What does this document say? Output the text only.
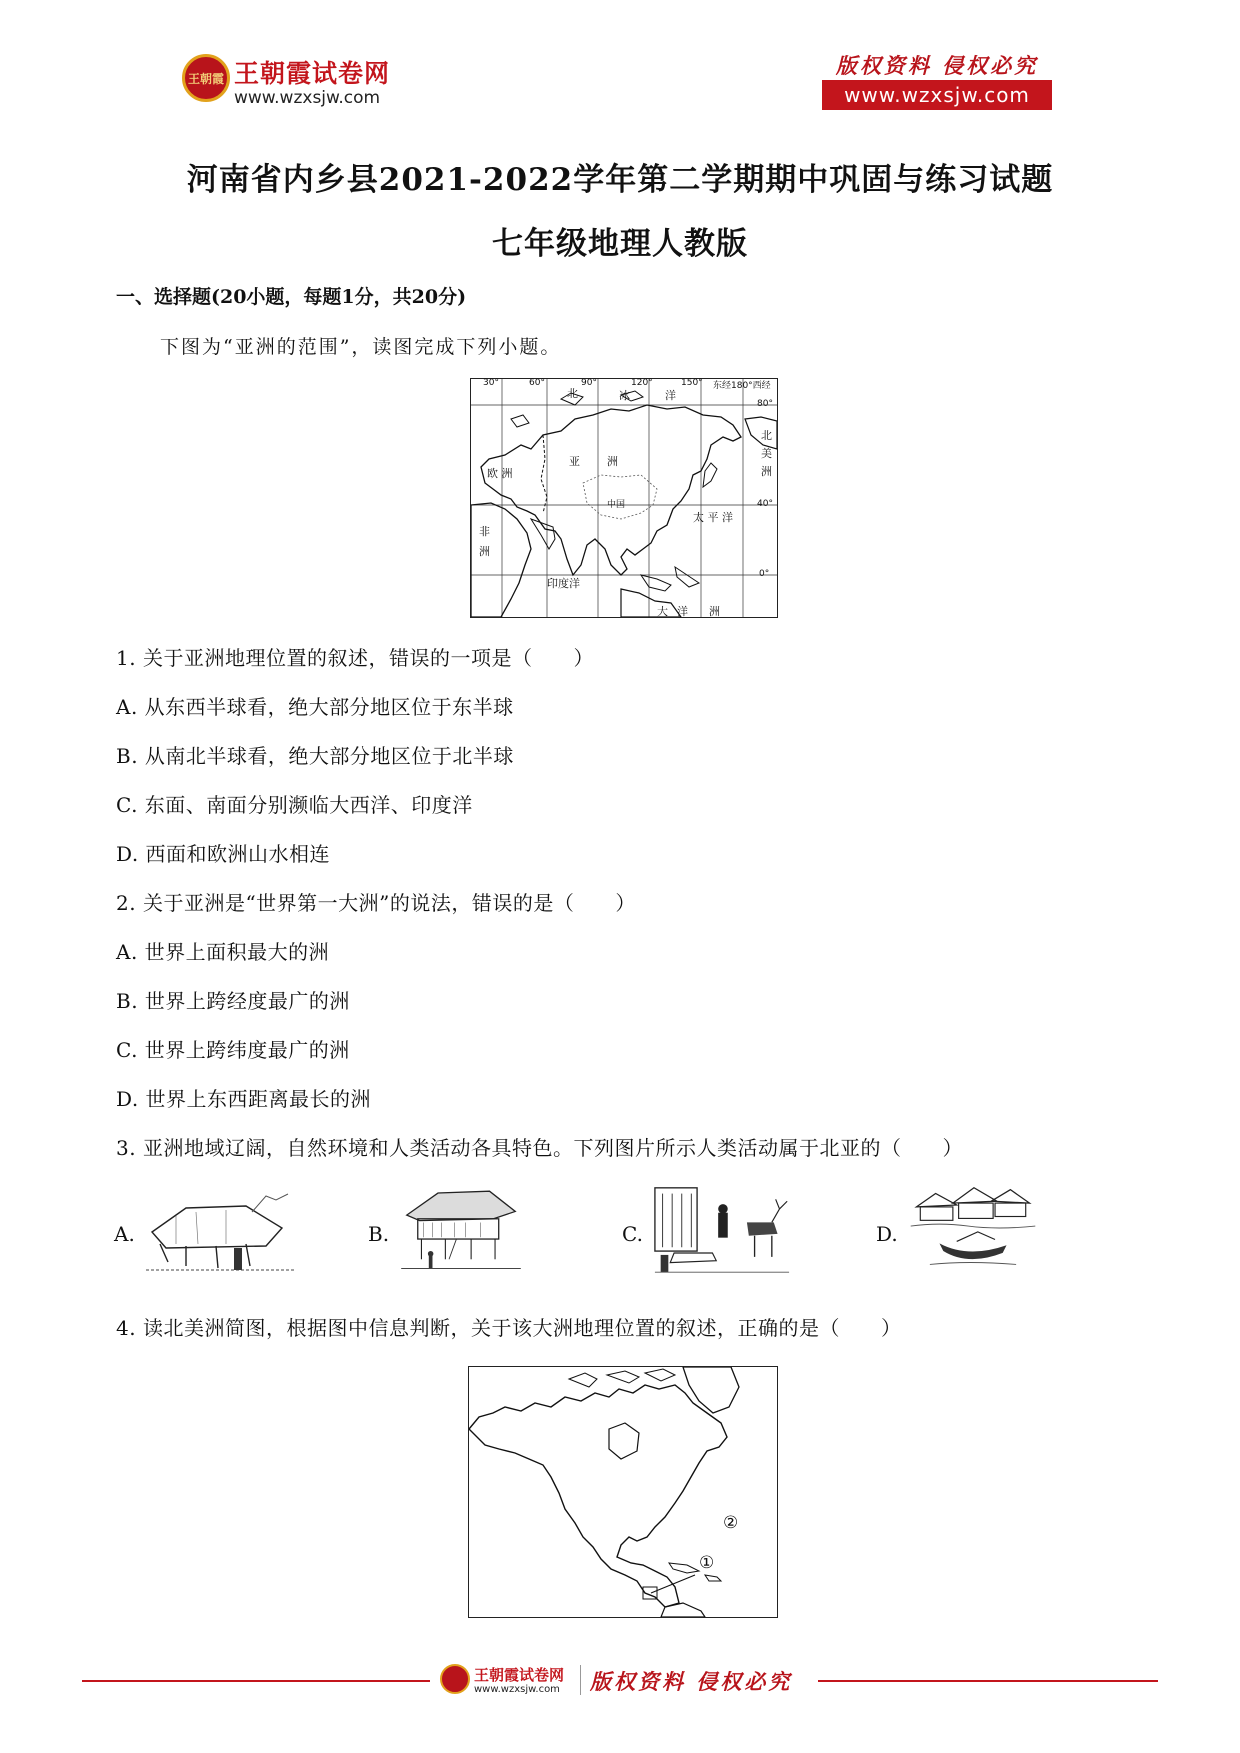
王朝霞 王朝霞试卷网
www.wzxsjw.com
版权资料 侵权必究
www.wzxsjw.com
河南省内乡县2021-2022学年第二学期期中巩固与练习试题
七年级地理人教版
一、选择题(20小题，每题1分，共20分)
下图为“亚洲的范围”，读图完成下列小题。
30°	60°	90°	120°	150° 东经180°西经
80°
40°
0°
北	冰	洋
亚 洲
欧 洲
中国
非
洲
北
美
洲
太 平 洋
印度洋
大 洋 洲
1. 关于亚洲地理位置的叙述，错误的一项是（　　）
A. 从东西半球看，绝大部分地区位于东半球
B. 从南北半球看，绝大部分地区位于北半球
C. 东面、南面分别濒临大西洋、印度洋
D. 西面和欧洲山水相连
2. 关于亚洲是“世界第一大洲”的说法，错误的是（　　）
A. 世界上面积最大的洲
B. 世界上跨经度最广的洲
C. 世界上跨纬度最广的洲
D. 世界上东西距离最长的洲
3. 亚洲地域辽阔，自然环境和人类活动各具特色。下列图片所示人类活动属于北亚的（　　）
A.	B.	C.	D.
4. 读北美洲简图，根据图中信息判断，关于该大洲地理位置的叙述，正确的是（　　）
①
②
王朝霞试卷网
www.wzxsjw.com 版权资料 侵权必究
